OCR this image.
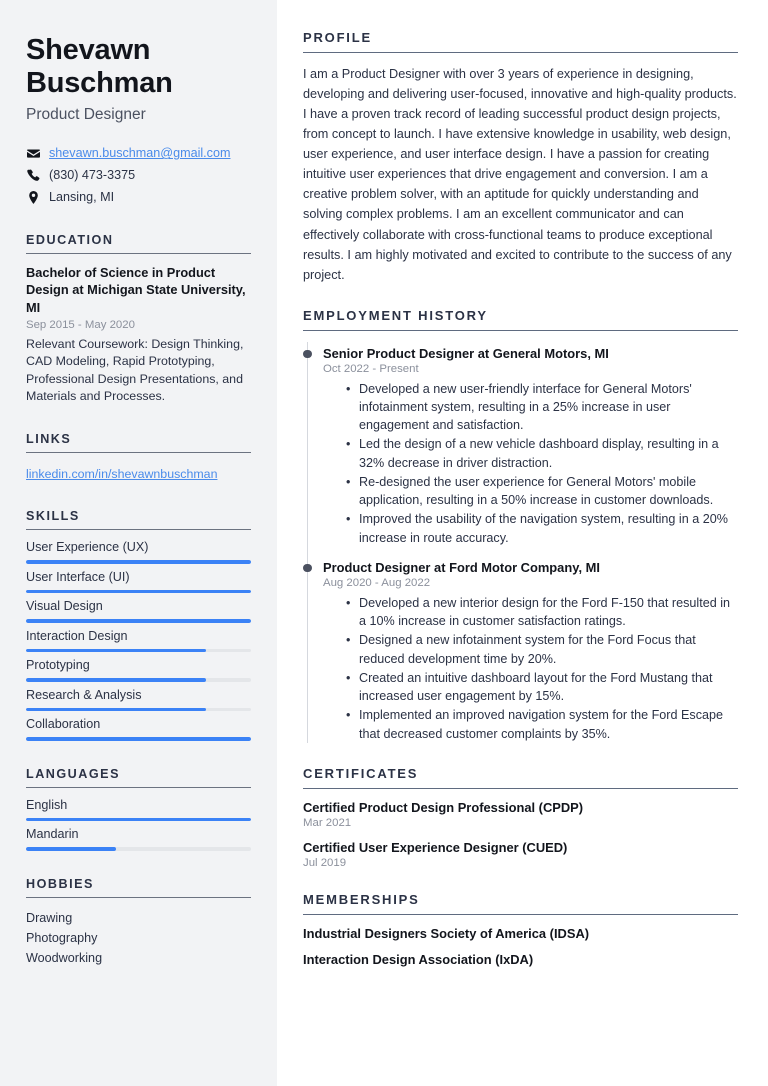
Shevawn Buschman
Product Designer
shevawn.buschman@gmail.com
(830) 473-3375
Lansing, MI
EDUCATION
Bachelor of Science in Product Design at Michigan State University, MI
Sep 2015 - May 2020
Relevant Coursework: Design Thinking, CAD Modeling, Rapid Prototyping, Professional Design Presentations, and Materials and Processes.
LINKS
linkedin.com/in/shevawnbuschman
SKILLS
User Experience (UX)
User Interface (UI)
Visual Design
Interaction Design
Prototyping
Research & Analysis
Collaboration
LANGUAGES
English
Mandarin
HOBBIES
Drawing
Photography
Woodworking
PROFILE

I am a Product Designer with over 3 years of experience in designing, developing and delivering user-focused, innovative and high-quality products. I have a proven track record of leading successful product design projects, from concept to launch. I have extensive knowledge in usability, web design, user experience, and user interface design. I have a passion for creating intuitive user experiences that drive engagement and conversion. I am a creative problem solver, with an aptitude for quickly understanding and solving complex problems. I am an excellent communicator and can effectively collaborate with cross-functional teams to produce exceptional results. I am highly motivated and excited to contribute to the success of any project.

EMPLOYMENT HISTORY
Senior Product Designer at General Motors, MI
Oct 2022 - Present
• Developed a new user-friendly interface for General Motors' infotainment system, resulting in a 25% increase in user engagement and satisfaction.
• Led the design of a new vehicle dashboard display, resulting in a 32% decrease in driver distraction.
• Re-designed the user experience for General Motors' mobile application, resulting in a 50% increase in customer downloads.
• Improved the usability of the navigation system, resulting in a 20% increase in route accuracy.
Product Designer at Ford Motor Company, MI
Aug 2020 - Aug 2022
• Developed a new interior design for the Ford F-150 that resulted in a 10% increase in customer satisfaction ratings.
• Designed a new infotainment system for the Ford Focus that reduced development time by 20%.
• Created an intuitive dashboard layout for the Ford Mustang that increased user engagement by 15%.
• Implemented an improved navigation system for the Ford Escape that decreased customer complaints by 35%.
CERTIFICATES
Certified Product Design Professional (CPDP)
Mar 2021
Certified User Experience Designer (CUED)
Jul 2019
MEMBERSHIPS
Industrial Designers Society of America (IDSA)
Interaction Design Association (IxDA)
